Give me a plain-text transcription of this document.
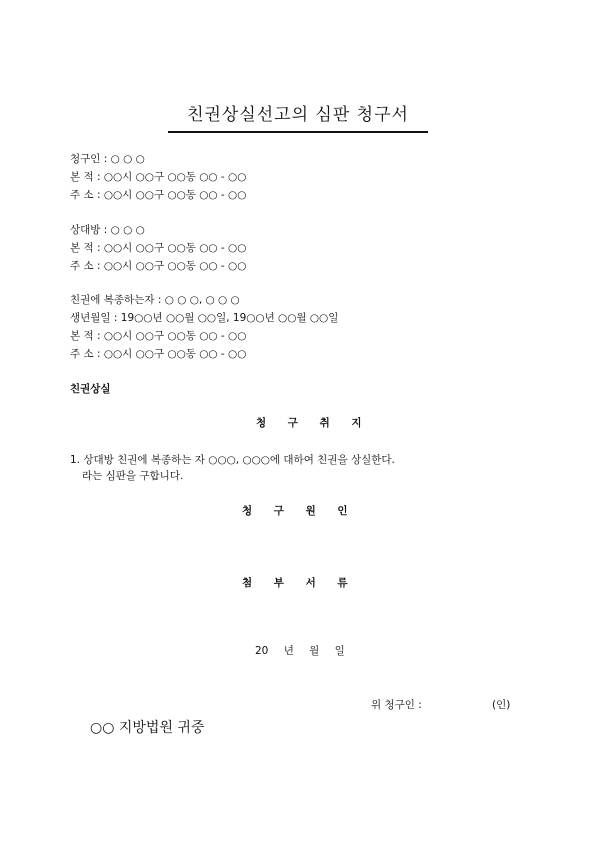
친권상실선고의 심판 청구서
청구인 : ○ ○ ○
본 적 : ○○시 ○○구 ○○동 ○○ - ○○
주 소 : ○○시 ○○구 ○○동 ○○ - ○○
상대방 : ○ ○ ○
본 적 : ○○시 ○○구 ○○동 ○○ - ○○
주 소 : ○○시 ○○구 ○○동 ○○ - ○○
친권에 복종하는자 : ○ ○ ○, ○ ○ ○
생년월일 : 19○○년 ○○월 ○○일, 19○○년 ○○월 ○○일
본 적 : ○○시 ○○구 ○○동 ○○ - ○○
주 소 : ○○시 ○○구 ○○동 ○○ - ○○
친권상실
청 구 취 지
1. 상대방 친권에 복종하는 자 ○○○, ○○○에 대하여 친권을 상실한다.
라는 심판을 구합니다.
청 구 원 인
첨 부 서 류
20 년 월 일
위 청구인 :	(인)
○○ 지방법원 귀중
